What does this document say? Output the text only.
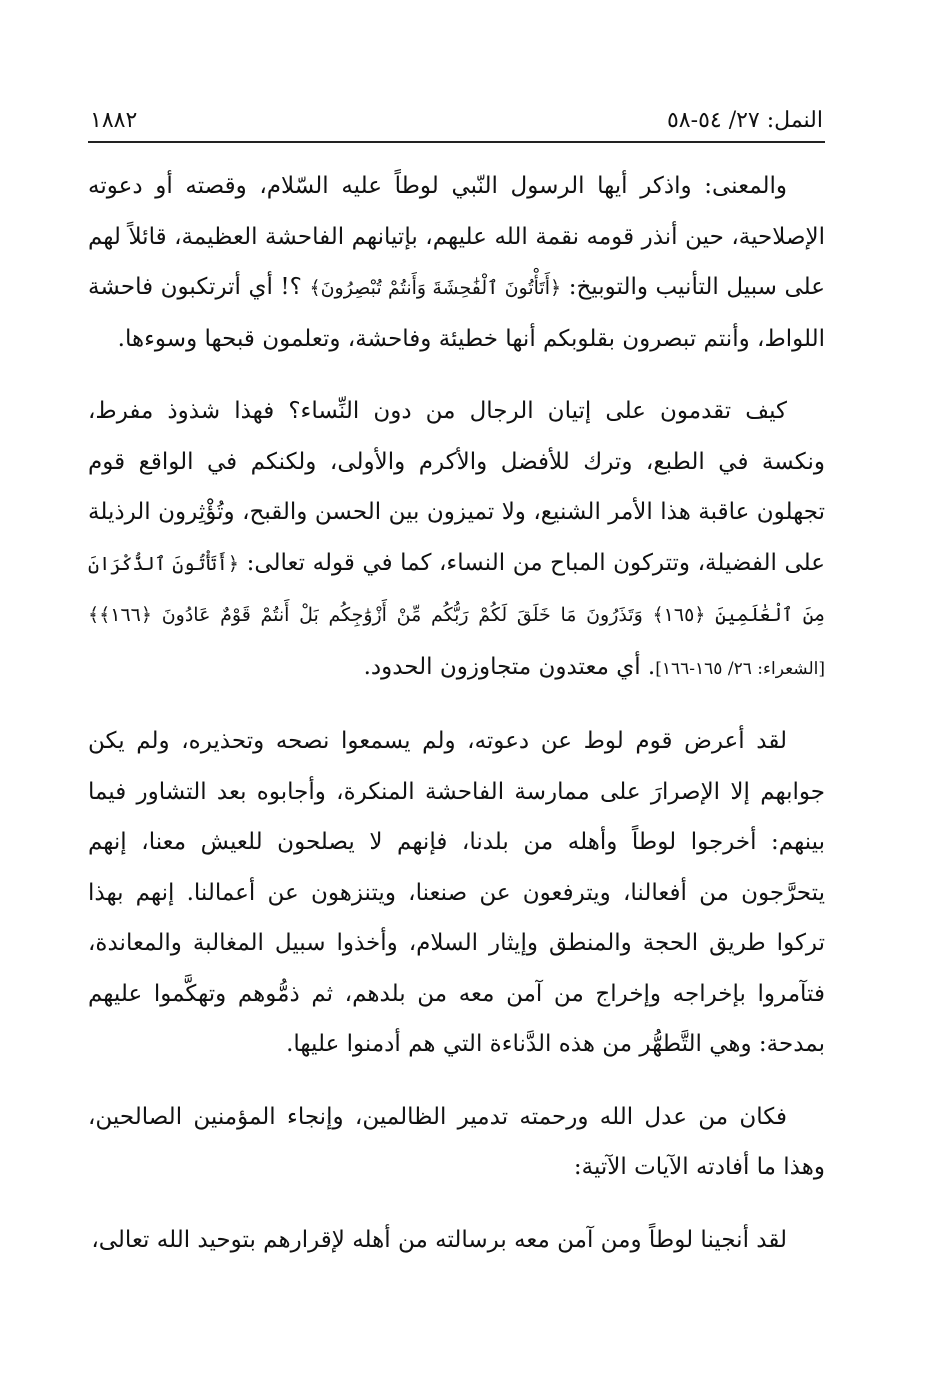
النمل: ٢٧/ ٥٤-٥٨
١٨٨٢

والمعنى: واذكر أيها الرسول النّبي لوطاً عليه السّلام، وقصته أو دعوته الإصلاحية، حين أنذر قومه نقمة الله عليهم، بإتيانهم الفاحشة العظيمة، قائلاً لهم على سبيل التأنيب والتوبيخ: ﴿أَتَأْتُونَ ٱلْفَٰحِشَةَ وَأَنتُمْ تُبْصِرُونَ﴾ ؟! أي أترتكبون فاحشة اللواط، وأنتم تبصرون بقلوبكم أنها خطيئة وفاحشة، وتعلمون قبحها وسوءها.

كيف تقدمون على إتيان الرجال من دون النِّساء؟ فهذا شذوذ مفرط، ونكسة في الطبع، وترك للأفضل والأكرم والأولى، ولكنكم في الواقع قوم تجهلون عاقبة هذا الأمر الشنيع، ولا تميزون بين الحسن والقبح، وتُؤْثِرون الرذيلة على الفضيلة، وتتركون المباح من النساء، كما في قوله تعالى: ﴿أَتَأْتُونَ ٱلذُّكْرَانَ مِنَ ٱلْعَٰلَمِينَ ﴿١٦٥﴾ وَتَذَرُونَ مَا خَلَقَ لَكُمْ رَبُّكُم مِّنْ أَزْوَٰجِكُم بَلْ أَنتُمْ قَوْمٌ عَادُونَ ﴿١٦٦﴾﴾ [الشعراء: ٢٦/ ١٦٥-١٦٦]. أي معتدون متجاوزون الحدود.

لقد أعرض قوم لوط عن دعوته، ولم يسمعوا نصحه وتحذيره، ولم يكن جوابهم إلا الإصرارَ على ممارسة الفاحشة المنكرة، وأجابوه بعد التشاور فيما بينهم: أخرجوا لوطاً وأهله من بلدنا، فإنهم لا يصلحون للعيش معنا، إنهم يتحرَّجون من أفعالنا، ويترفعون عن صنعنا، ويتنزهون عن أعمالنا. إنهم بهذا تركوا طريق الحجة والمنطق وإيثار السلام، وأخذوا سبيل المغالبة والمعاندة، فتآمروا بإخراجه وإخراج من آمن معه من بلدهم، ثم ذمُّوهم وتهكَّموا عليهم بمدحة: وهي التَّطهُّر من هذه الدَّناءة التي هم أدمنوا عليها.

فكان من عدل الله ورحمته تدمير الظالمين، وإنجاء المؤمنين الصالحين، وهذا ما أفادته الآيات الآتية:

لقد أنجينا لوطاً ومن آمن معه برسالته من أهله لإقرارهم بتوحيد الله تعالى،
